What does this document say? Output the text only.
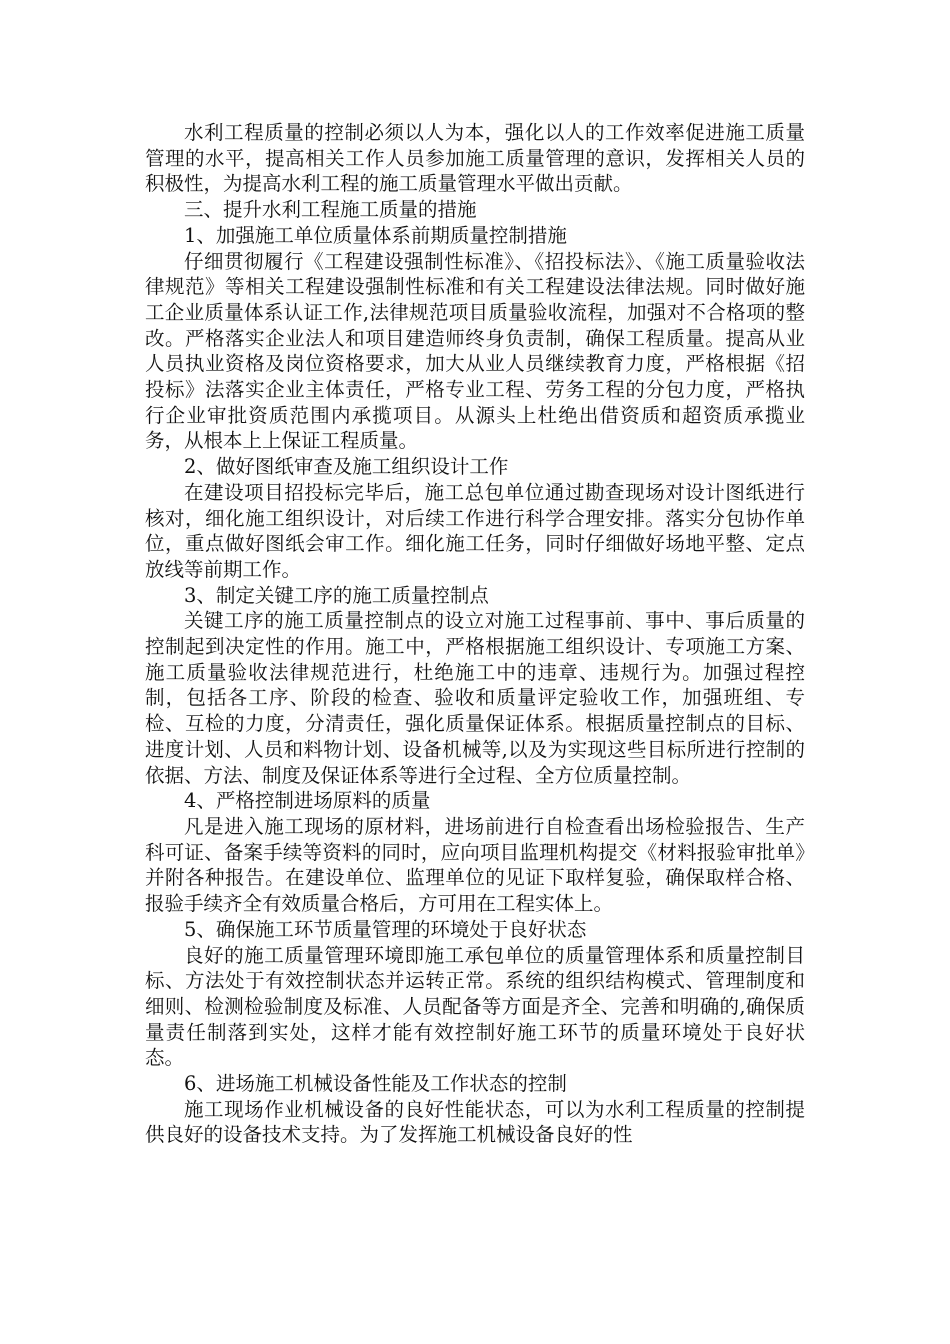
水利工程质量的控制必须以人为本，强化以人的工作效率促进施工质量管理的水平，提高相关工作人员参加施工质量管理的意识，发挥相关人员的积极性，为提高水利工程的施工质量管理水平做出贡献。

三、提升水利工程施工质量的措施

1、加强施工单位质量体系前期质量控制措施

仔细贯彻履行《工程建设强制性标准》、《招投标法》、《施工质量验收法律规范》等相关工程建设强制性标准和有关工程建设法律法规。同时做好施工企业质量体系认证工作,法律规范项目质量验收流程，加强对不合格项的整改。严格落实企业法人和项目建造师终身负责制，确保工程质量。提高从业人员执业资格及岗位资格要求，加大从业人员继续教育力度，严格根据《招投标》法落实企业主体责任，严格专业工程、劳务工程的分包力度，严格执行企业审批资质范围内承揽项目。从源头上杜绝出借资质和超资质承揽业务，从根本上上保证工程质量。

2、做好图纸审查及施工组织设计工作

在建设项目招投标完毕后，施工总包单位通过勘查现场对设计图纸进行核对，细化施工组织设计，对后续工作进行科学合理安排。落实分包协作单位，重点做好图纸会审工作。细化施工任务，同时仔细做好场地平整、定点放线等前期工作。

3、制定关键工序的施工质量控制点

关键工序的施工质量控制点的设立对施工过程事前、事中、事后质量的控制起到决定性的作用。施工中，严格根据施工组织设计、专项施工方案、施工质量验收法律规范进行，杜绝施工中的违章、违规行为。加强过程控制，包括各工序、阶段的检查、验收和质量评定验收工作，加强班组、专检、互检的力度，分清责任，强化质量保证体系。根据质量控制点的目标、进度计划、人员和料物计划、设备机械等,以及为实现这些目标所进行控制的依据、方法、制度及保证体系等进行全过程、全方位质量控制。

4、严格控制进场原料的质量

凡是进入施工现场的原材料，进场前进行自检查看出场检验报告、生产科可证、备案手续等资料的同时，应向项目监理机构提交《材料报验审批单》并附各种报告。在建设单位、监理单位的见证下取样复验，确保取样合格、报验手续齐全有效质量合格后，方可用在工程实体上。

5、确保施工环节质量管理的环境处于良好状态

良好的施工质量管理环境即施工承包单位的质量管理体系和质量控制目标、方法处于有效控制状态并运转正常。系统的组织结构模式、管理制度和细则、检测检验制度及标准、人员配备等方面是齐全、完善和明确的,确保质量责任制落到实处，这样才能有效控制好施工环节的质量环境处于良好状态。

6、进场施工机械设备性能及工作状态的控制

施工现场作业机械设备的良好性能状态，可以为水利工程质量的控制提供良好的设备技术支持。为了发挥施工机械设备良好的性
